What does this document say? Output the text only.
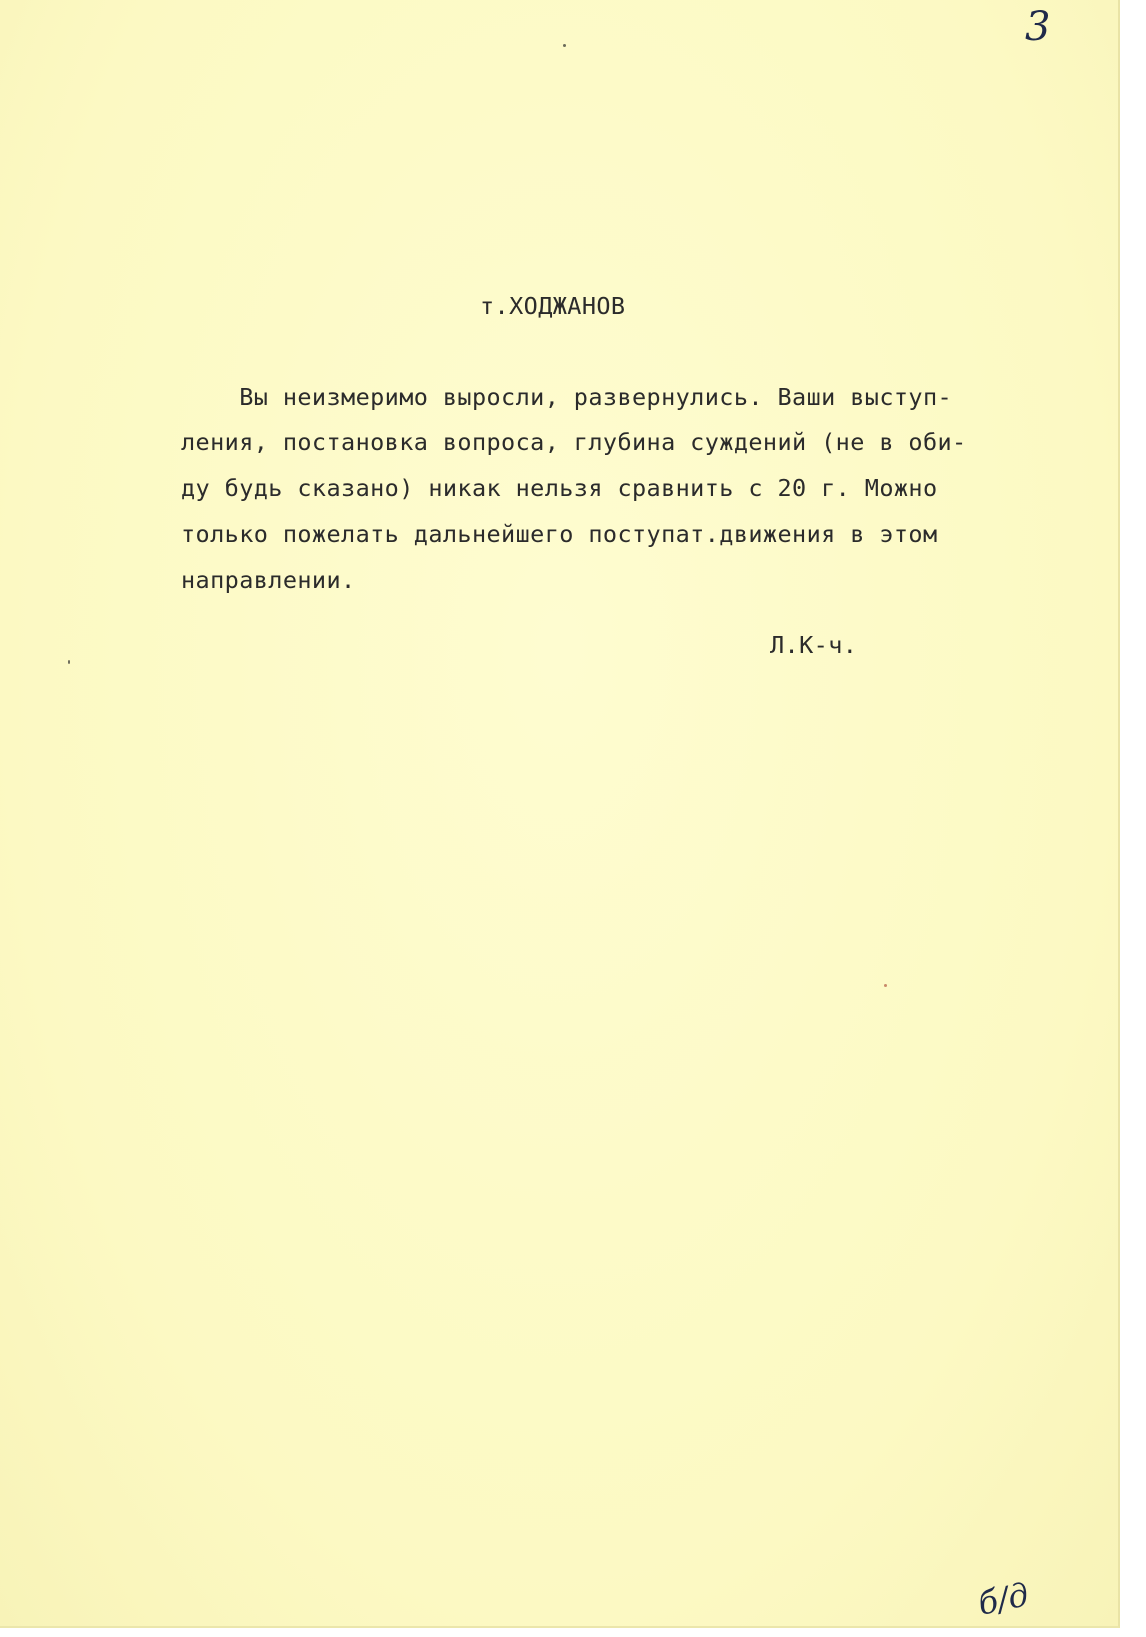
3
т.ХОДЖАНОВ
Вы неизмеримо выросли, развернулись. Ваши выступ-
ления, постановка вопроса, глубина суждений (не в оби-
ду будь сказано) никак нельзя сравнить с 20 г. Можно
только пожелать дальнейшего поступат.движения в этом
направлении.
Л.К-ч.
б/д
